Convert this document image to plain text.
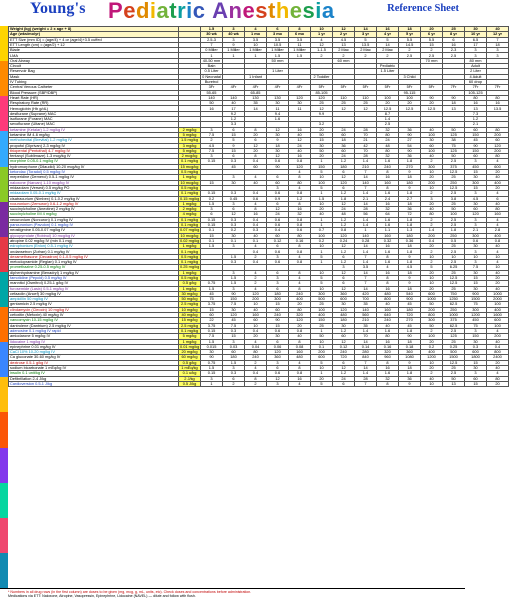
Young's Pediatric Anesthesia	Reference Sheet
Weight (kg) (weight = 2 x age + 8)		1.5	3	4	6	8	10	12	14	16	18	20	25	30	40
Age (wks/mo/yr)		30 wk	40 wk	1 mo	3 mo	6 mo	1 yr	2 yr	3 yr	4 yr	5 yr	6 yr	8 yr	10 yr	12 yr
ETT Size (mm ID) = (age/4) + 4 or (age/4)+3.5 cuffed		2.5-3	3	3.5	3.5	3.5	4	4.5	5	5	5.5	5.5	6	6.5	7
ETT Length (cm) = (age/2) + 12		7	9	10	10.5	11	12	13	13.5	14	14.5	15	16	17	18
Blade		0 Miller	1 Miller	1 Miller	1 Miller	1 Miller	1-1.5	2 Mac	2 Mac	2 Mac	2	2	2-3	3	3
LMA		1	1	1	1.5	1.5	2	2	2	2	2.5	2.5	2.5	3	3
Oral Airway		40-50 mm			50 mm			60 mm				70 mm		80 mm	
Circuit		Bain								Pediatric				Adult	
Reservoir Bag		0.5 Liter			1 Liter					1.5 Liter				2 Liter	
Mask		0 Neonatal		1 Infant			2 Toddler				3 Child			4 Adult	
IV Tubing		Buretrol												60 drop	
Central Venous Catheter		3Fr	4Fr	4Fr	4Fr	4Fr	5Fr	5Fr	5Fr	5Fr	5Fr	5Fr	7Fr	7Fr	7Fr
Blood Pressure (SBP/DBP)		55-65		65-85			85-105				95-115			105-125	
Heart Rate (HR)		140	140	130	130	120	120	110	110	100	100	90	90	80	80
Respiratory Rate (RR)		50	40	35	30	30	25	25	25	20	20	20	18	16	16
Hemoglobin (Hb g/dL)		16	17	14	11	11	12	12	12	12.5	12.5	12.5	13	13	13.5
desflurane (Suprane) MAC			9.2		9.4		9.9			8.7				7.3	
isoflurane (Forane) MAC			1.2		1.6					1.4				1.2	
sevoflurane (Ultane) MAC			3.3				3.2			2.5				2.1	
ketamine (Ketalar) 1-2 mg/kg IV	2 mg/kg	3	6	8	12	16	20	24	28	32	36	40	50	60	80
ketamine IM 4-6 mg/kg	5 mg/kg	7.5	15	20	30	40	50	60	70	80	90	100	125	150	200
methohexital (Brevital) 1-2 mg/kg IV	1.5 mg/kg	2	5	6	9	12	15	18	21	24	27	30	38	45	60
propofol (Diprivan) 2-3 mg/kg IV	3 mg/kg	4.5	9	12	18	24	30	36	42	48	54	60	75	90	120
thiopental (Pentothal) 4-7 mg/kg IV	5 mg/kg	7.5	15	20	30	40	50	60	70	80	90	100	125	150	200
fentanyl (Sublimaze) 1-3 mcg/kg IV	2 mcg/kg	3	6	8	12	16	20	24	28	32	36	40	50	60	80
morphine 0.05-0.1 mg/kg IV	0.1 mg/kg	0.15	0.3	0.4	0.6	0.8	1	1.2	1.4	1.6	1.8	2	2.5	3	4
hydromorphone (Dilaudid) 10-20 mcg/kg IV	15 mcg/kg		45	60	90	120	150	180	210	240	270	300	375	450	600
ketorolac (Toradol) 0.5 mg/kg IV	0.5 mg/kg					4	5	6	7	8	9	10	12.5	15	20
meperidine (Demerol) 0.5-1 mg/kg IV	1 mg/kg		3	4	6	8	10	12	14	16	18	20	25	30	40
naloxone (Narcan) 1-10 mcg/kg IV	10 mcg/kg	15	30	40	60	80	100	120	140	160	180	200	250	300	400
midazolam (Versed) 0.5 mg/kg PO	0.5 mg/kg				3	4	5	6	7	8	9	10	12.5	15	20
midazolam 0.05-0.1 mg/kg IV	0.1 mg/kg	0.15	0.3	0.4	0.6	0.8	1	1.2	1.4	1.6	1.8	2	2.5	3	4
cisatracurium (Nimbex) 0.1-0.2 mg/kg IV	0.15 mg/kg	0.2	0.45	0.6	0.9	1.2	1.5	1.8	2.1	2.4	2.7	3	3.8	4.5	6
rocuronium (Zemuron) 0.6-1.2 mg/kg IV	1 mg/kg	1.5	3	4	6	8	10	12	14	16	18	20	25	30	40
succinylcholine (Anectine) 2 mg/kg IV	2 mg/kg	3	6	8	12	16	20	24	28	32	36	40	50	60	80
succinylcholine IM 4 mg/kg	4 mg/kg	6	12	16	24	32	40	48	56	64	72	80	100	120	160
vecuronium (Norcuron) 0.1 mg/kg IV	0.1 mg/kg	0.15	0.3	0.4	0.6	0.8	1	1.2	1.4	1.6	1.8	2	2.5	3	4
pancuronium (Pavulon) 0.1 mg/kg IV	0.1 mg/kg	0.15	0.3	0.4	0.6	0.8	1	1.2	1.4	1.6	1.8	2	2.5	3	4
neostigmine 0.05-0.07 mg/kg IV	0.07 mg/kg	0.1	0.2	0.3	0.4	0.6	0.7	0.8	1	1.1	1.3	1.4	1.8	2.1	2.8
glycopyrrolate (Robinul) 10 mcg/kg IV	10 mcg/kg	15	30	40	60	80	100	120	140	160	180	200	250	300	400
atropine 0.02 mg/kg IV (min 0.1 mg)	0.02 mg/kg	0.1	0.1	0.1	0.12	0.16	0.2	0.24	0.28	0.32	0.36	0.4	0.5	0.6	0.8
edrophonium (Enlon) 0.5-1 mg/kg IV	1 mg/kg	1.5	3	4	6	8	10	12	14	16	18	20	25	30	40
ondansetron (Zofran) 0.1 mg/kg IV	0.1 mg/kg			0.4	0.6	0.8	1	1.2	1.4	1.6	1.8	2	2.5	3	4
dexamethasone (Decadron) 0.1-0.5 mg/kg IV	0.5 mg/kg		1.5	2	3	4	5	6	7	8	9	10	10	10	10
metoclopramide (Reglan) 0.1 mg/kg IV	0.1 mg/kg		0.3	0.4	0.6	0.8	1	1.2	1.4	1.6	1.8	2	2.5	3	4
promethazine 0.25-0.5 mg/kg IV	0.25 mg/kg							3	3.5	4	4.5	5	6.25	7.5	10
diphenhydramine (Benadryl) 1 mg/kg IV	1 mg/kg		3	4	6	8	10	12	14	16	18	20	25	30	40
famotidine (Pepcid) 0.5 mg/kg IV	0.5 mg/kg		1.5	2	3	4	5	6	7	8	9	10	12.5	15	20
mannitol (Osmitrol) 0.25-1 g/kg IV	0.5 g/kg	0.75	1.5	2	3	4	5	6	7	8	9	10	12.5	15	20
furosemide (Lasix) 0.5-1 mg/kg IV	1 mg/kg	1.5	3	4	6	8	10	12	14	16	18	20	25	30	40
cefazolin (Ancef) 30 mg/kg IV	30 mg/kg	45	90	120	180	240	300	360	420	480	540	600	750	900	1000
ampicillin 50 mg/kg IV	50 mg/kg	75	150	200	300	400	500	600	700	800	900	1000	1250	1500	2000
gentamicin 2.5 mg/kg IV	2.5 mg/kg	3.75	7.5	10	15	20	25	30	35	40	45	50	62.5	75	100
clindamycin (Cleocin) 10 mg/kg IV	10 mg/kg	15	30	40	60	80	100	120	140	160	180	200	250	300	400
cefoxitin (Mefoxin) 40 mg/kg IV	40 mg/kg	60	120	160	240	320	400	480	560	640	720	800	1000	1200	1600
vancomycin 10-15 mg/kg IV	15 mg/kg	22	45	60	90	120	150	180	210	240	270	300	375	450	600
dantrolene (Dantrium) 2.5 mg/kg IV	2.5 mg/kg	3.75	7.5	10	15	20	25	30	35	40	45	50	62.5	75	100
adenosine 0.1 mg/kg IV rapid	0.1 mg/kg	0.15	0.3	0.4	0.6	0.8	1	1.2	1.4	1.6	1.8	2	2.5	3	4
amiodarone 5 mg/kg IV	5 mg/kg	7.5	15	20	30	40	50	60	70	80	90	100	125	150	200
lidocaine 1 mg/kg IV	1 mg/kg	1.5	3	4	6	8	10	12	14	16	18	20	25	30	40
epinephrine 0.01 mg/kg IV	0.01 mg/kg	0.015	0.03	0.04	0.06	0.08	0.1	0.12	0.14	0.16	0.18	0.2	0.25	0.3	0.4
CaCl 10% 10-20 mg/kg IV	20 mg/kg	30	60	80	120	160	200	240	280	320	360	400	500	600	800
Ca gluconate 30-60 mg/kg IV	60 mg/kg	90	180	240	360	480	600	720	840	960	1080	1200	1500	1800	2400
dextrose 0.5-1 g/kg IV	0.5 g/kg	0.75	1.5	2	3	4	5	6	7	8	9	10	12.5	15	20
sodium bicarbonate 1 mEq/kg IV	1 mEq/kg	1.5	3	4	6	8	10	12	14	16	18	20	25	30	40
insulin 0.1 unit/kg IV	0.1 u/kg	0.15	0.3	0.4	0.6	0.8	1	1.2	1.4	1.6	1.8	2	2.5	3	4
Defibrillation 2-4 J/kg	2 J/kg	3	6	8	12	16	20	24	28	32	36	40	50	60	80
Cardioversion 0.5-1 J/kg	0.5 J/kg	1	2	2	3	4	5	6	7	8	9	10	13	15	20
* Numbers in all drug rows (in the first column) are doses to be given (mg, mcg, g, mL, units, etc). Check doses and concentrations before administration.
Medications via ETT: Naloxone, Atropine, Vasopressin, Epinephrine, Lidocaine (NAVEL) — dilute and follow with flush.
